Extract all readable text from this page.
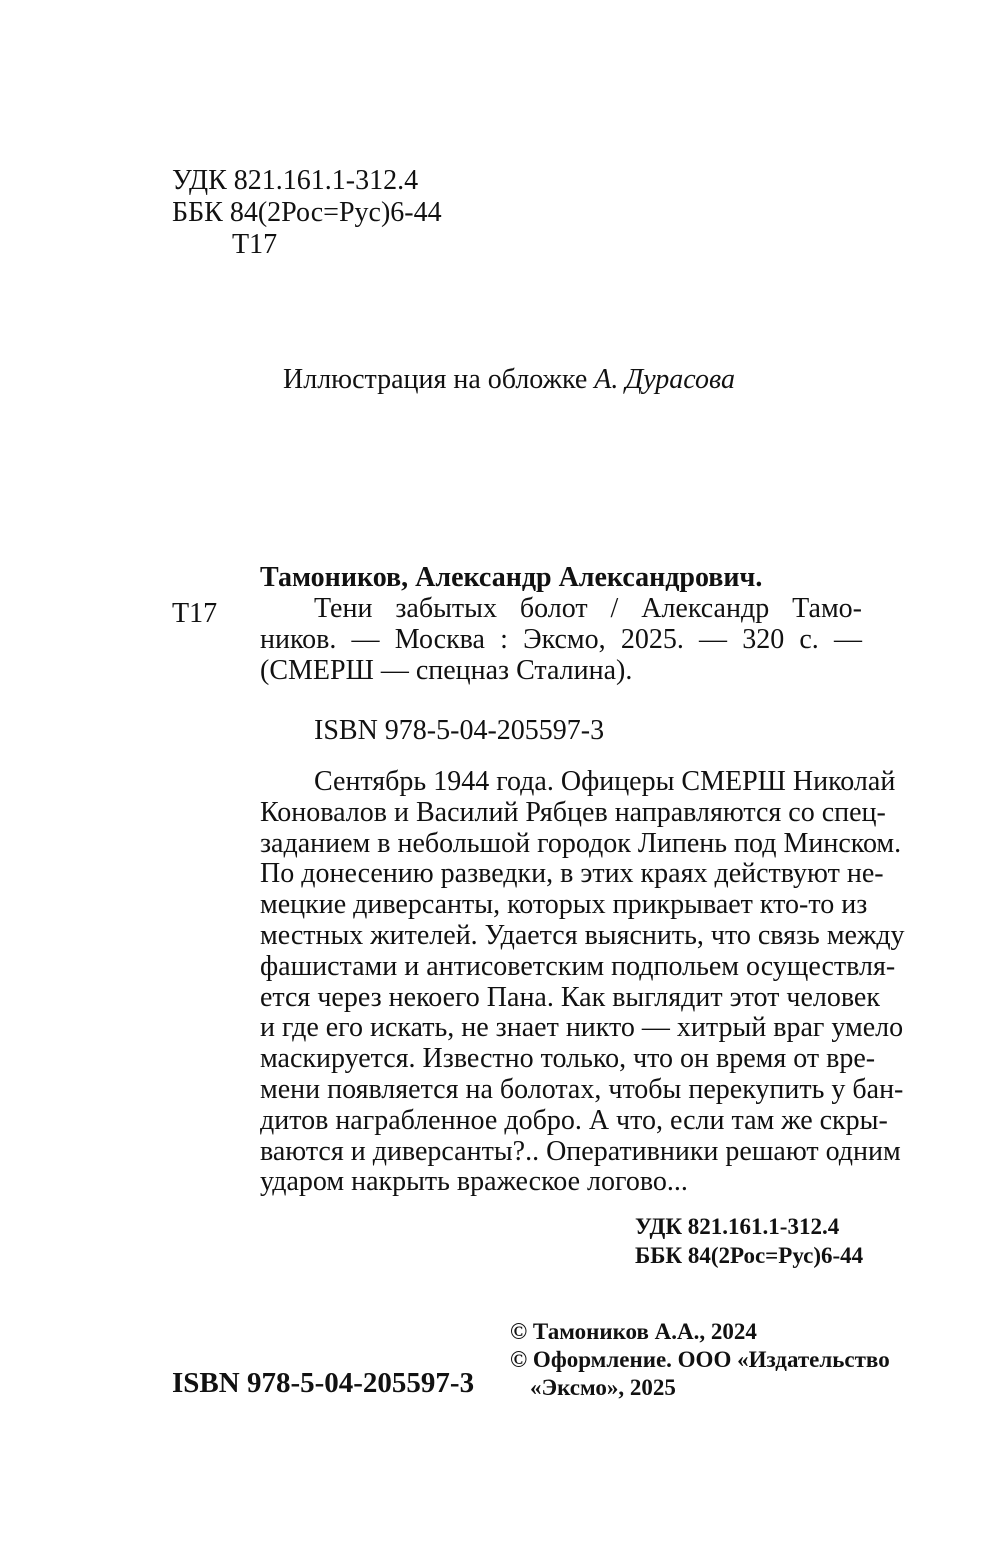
УДК 821.161.1-312.4
ББК 84(2Рос=Рус)6-44
Т17
Иллюстрация на обложке А. Дурасова
Тамоников, Александр Александрович.
Т17	Тени забытых болот / Александр Тамо-
ников. — Москва : Эксмо, 2025. — 320 с. —
(СМЕРШ — спецназ Сталина).
ISBN 978-5-04-205597-3
Сентябрь 1944 года. Офицеры СМЕРШ Николай
Коновалов и Василий Рябцев направляются со спец-
заданием в небольшой городок Липень под Минском.
По донесению разведки, в этих краях действуют не-
мецкие диверсанты, которых прикрывает кто-то из
местных жителей. Удается выяснить, что связь между
фашистами и антисоветским подпольем осуществля-
ется через некоего Пана. Как выглядит этот человек
и где его искать, не знает никто — хитрый враг умело
маскируется. Известно только, что он время от вре-
мени появляется на болотах, чтобы перекупить у бан-
дитов награбленное добро. А что, если там же скры-
ваются и диверсанты?.. Оперативники решают одним
ударом накрыть вражеское логово...
УДК 821.161.1-312.4
ББК 84(2Рос=Рус)6-44
© Тамоников А.А., 2024
© Оформление. ООО «Издательство
«Эксмо», 2025
ISBN 978-5-04-205597-3
